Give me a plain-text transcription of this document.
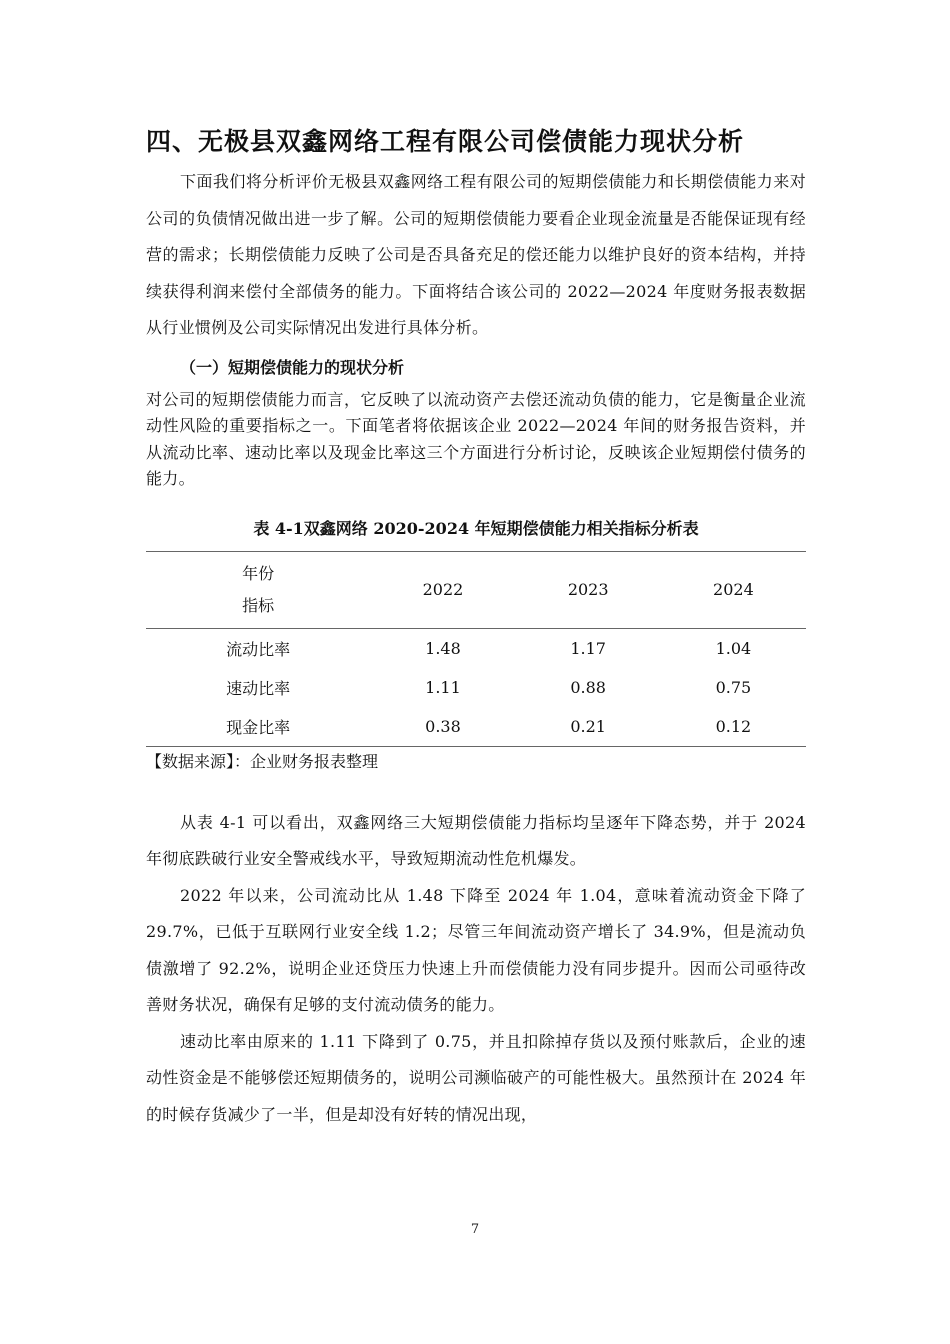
四、无极县双鑫网络工程有限公司偿债能力现状分析

下面我们将分析评价无极县双鑫网络工程有限公司的短期偿债能力和长期偿债能力来对公司的负债情况做出进一步了解。公司的短期偿债能力要看企业现金流量是否能保证现有经营的需求；长期偿债能力反映了公司是否具备充足的偿还能力以维护良好的资本结构，并持续获得利润来偿付全部债务的能力。下面将结合该公司的 2022—2024 年度财务报表数据从行业惯例及公司实际情况出发进行具体分析。

（一）短期偿债能力的现状分析

对公司的短期偿债能力而言，它反映了以流动资产去偿还流动负债的能力，它是衡量企业流动性风险的重要指标之一。下面笔者将依据该企业 2022—2024 年间的财务报告资料，并从流动比率、速动比率以及现金比率这三个方面进行分析讨论，反映该企业短期偿付债务的能力。

表 4-1双鑫网络 2020-2024 年短期偿债能力相关指标分析表

年份
指标	2022	2023	2024
流动比率	1.48	1.17	1.04
速动比率	1.11	0.88	0.75
现金比率	0.38	0.21	0.12

【数据来源】：企业财务报表整理

从表 4-1 可以看出，双鑫网络三大短期偿债能力指标均呈逐年下降态势，并于 2024 年彻底跌破行业安全警戒线水平，导致短期流动性危机爆发。

2022 年以来，公司流动比从 1.48 下降至 2024 年 1.04，意味着流动资金下降了 29.7%，已低于互联网行业安全线 1.2；尽管三年间流动资产增长了 34.9%，但是流动负债激增了 92.2%，说明企业还贷压力快速上升而偿债能力没有同步提升。因而公司亟待改善财务状况，确保有足够的支付流动债务的能力。

速动比率由原来的 1.11 下降到了 0.75，并且扣除掉存货以及预付账款后，企业的速动性资金是不能够偿还短期债务的，说明公司濒临破产的可能性极大。虽然预计在 2024 年的时候存货减少了一半，但是却没有好转的情况出现，

7
